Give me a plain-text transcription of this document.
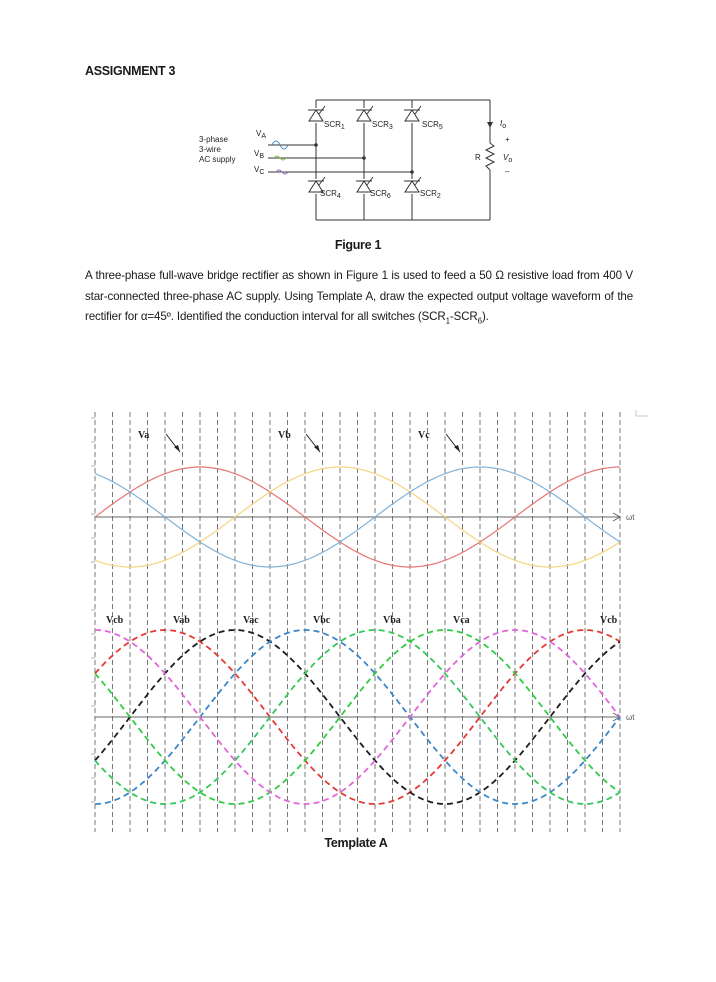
ASSIGNMENT 3
3-phase
3-wire
AC supply
VA
VB
VC
SCR1	SCR3	SCR5
SCR4	SCR6	SCR2
R
Io
+
Vo
–
Figure 1

A three-phase full-wave bridge rectifier as shown in Figure 1 is used to feed a 50 Ω resistive load from 400 V star-connected three-phase AC supply. Using Template A, draw the expected output voltage waveform of the rectifier for α=45º. Identified the conduction interval for all switches $(SCR_1-SCR_6)$.

ωt
ωt
Va	Vb	Vc
Vcb	Vab	Vac	Vbc	Vba	Vca	Vcb
Template A
